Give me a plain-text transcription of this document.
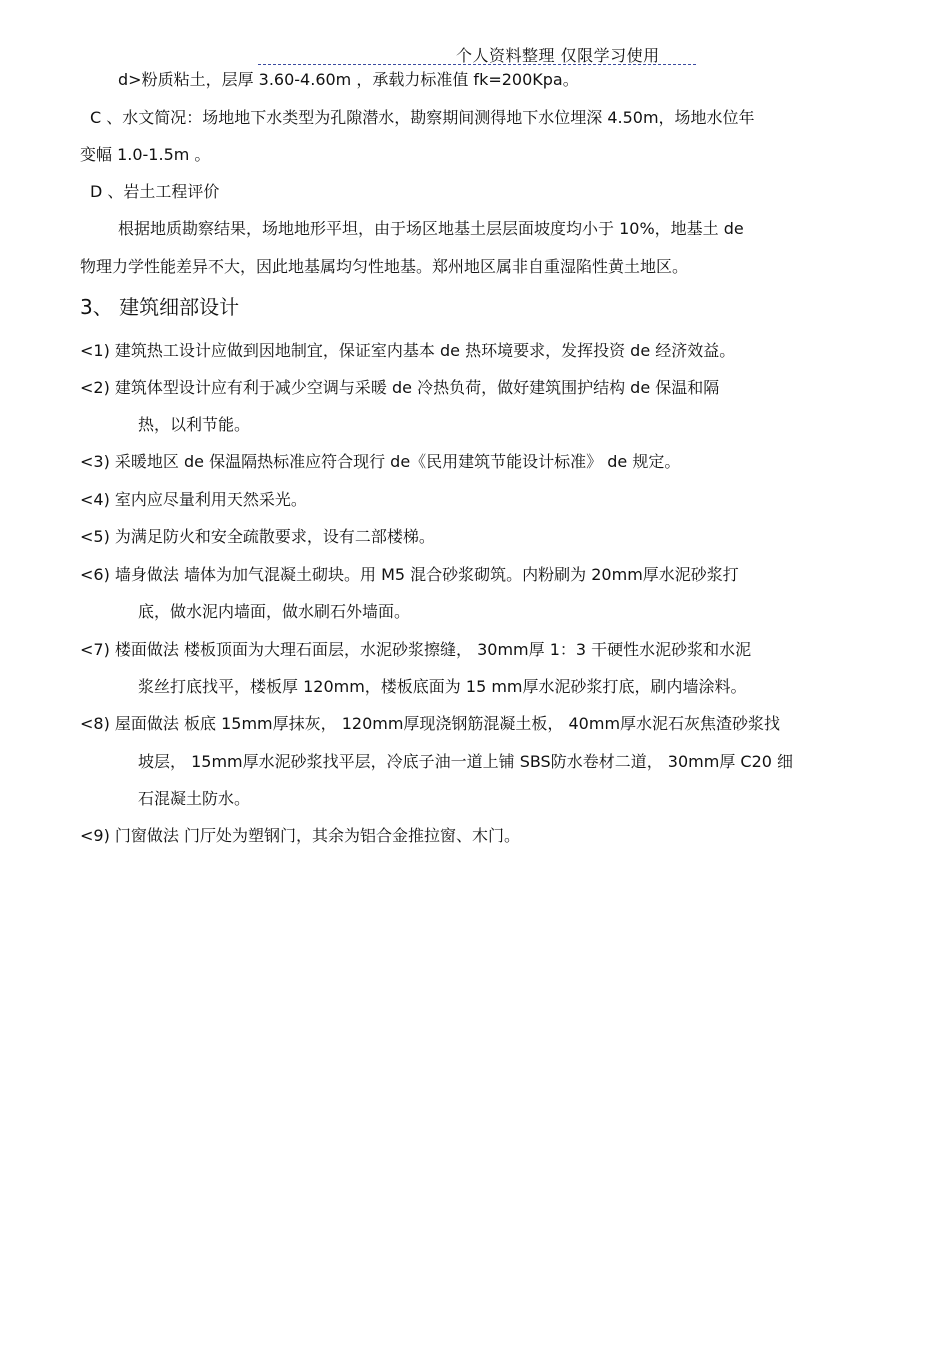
个人资料整理 仅限学习使用
d>粉质粘土，层厚 3.60-4.60m ，承载力标准值 fk=200Kpa。
C 、水文简况：场地地下水类型为孔隙潜水，勘察期间测得地下水位埋深 4.50m，场地水位年
变幅 1.0-1.5m 。
D 、岩土工程评价
根据地质勘察结果，场地地形平坦，由于场区地基土层层面坡度均小于 10%，地基土 de
物理力学性能差异不大，因此地基属均匀性地基。郑州地区属非自重湿陷性黄土地区。
3、 建筑细部设计
<1) 建筑热工设计应做到因地制宜，保证室内基本 de 热环境要求，发挥投资 de 经济效益。
<2) 建筑体型设计应有利于减少空调与采暖 de 冷热负荷，做好建筑围护结构 de 保温和隔
热，以利节能。
<3) 采暖地区 de 保温隔热标准应符合现行 de《民用建筑节能设计标准》 de 规定。
<4) 室内应尽量利用天然采光。
<5) 为满足防火和安全疏散要求，设有二部楼梯。
<6) 墙身做法 墙体为加气混凝土砌块。用 M5 混合砂浆砌筑。内粉刷为 20mm厚水泥砂浆打
底，做水泥内墙面，做水刷石外墙面。
<7) 楼面做法 楼板顶面为大理石面层，水泥砂浆擦缝， 30mm厚 1：3 干硬性水泥砂浆和水泥
浆丝打底找平，楼板厚 120mm，楼板底面为 15 mm厚水泥砂浆打底，刷内墙涂料。
<8) 屋面做法 板底 15mm厚抹灰， 120mm厚现浇钢筋混凝土板， 40mm厚水泥石灰焦渣砂浆找
坡层， 15mm厚水泥砂浆找平层，冷底子油一道上铺 SBS防水卷材二道， 30mm厚 C20 细
石混凝土防水。
<9) 门窗做法 门厅处为塑钢门，其余为铝合金推拉窗、木门。
